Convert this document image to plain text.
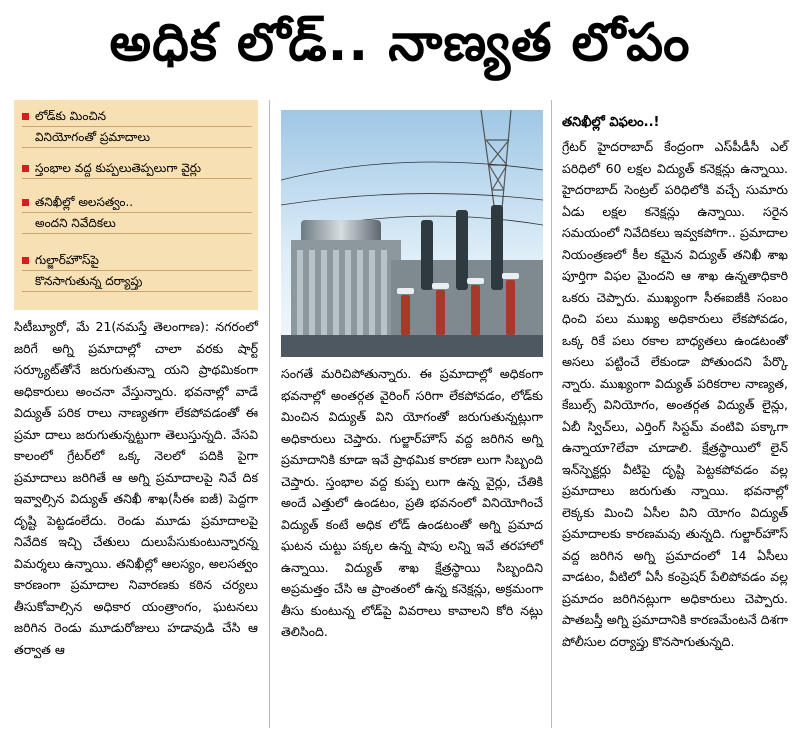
అధిక లోడ్.. నాణ్యత లోపం
లోడ్‌కు మించిన
వినియోగంతో ప్రమాదాలు
స్తంభాల వద్ద కుప్పలుతెప్పలుగా వైర్లు
తనిఖీల్లో అలసత్వం..
అందని నివేదికలు
గుల్జార్‌హౌస్‌పై
కొనసాగుతున్న దర్యాప్తు

సిటీబ్యూరో, మే 21(నమస్తే తెలంగాణ): నగరంలో జరిగే అగ్ని ప్రమాదాల్లో చాలా వరకు షార్ట్ సర్క్యూట్‌తోనే జరుగుతున్నా యని ప్రాథమికంగా అధికారులు అంచనా వేస్తున్నారు. భవనాల్లో వాడే విద్యుత్ పరిక రాలు నాణ్యతగా లేకపోవడంతో ఈ ప్రమా దాలు జరుగుతున్నట్టుగా తెలుస్తున్నది. వేసవి కాలంలో గ్రేటర్‌లో ఒక్క నెలలో పదికి పైగా ప్రమాదాలు జరిగితే ఆ అగ్ని ప్రమాదాలపై నివే దిక ఇవ్వాల్సిన విద్యుత్ తనిఖీ శాఖ(సీఈ ఐజీ) పెద్దగా దృష్టి పెట్టడంలేదు. రెండు మూడు ప్రమాదాలపై నివేదిక ఇచ్చి చేతులు దులుపేసుకుంటున్నారన్న విమర్శలు ఉన్నాయి. తనిఖీల్లో ఆలస్యం, అలసత్వం కారణంగా ప్రమాదాల నివారణకు కఠిన చర్యలు తీసుకోవాల్సిన అధికార యంత్రాంగం, ఘటనలు జరిగిన రెండు మూడురోజులు హడావుడి చేసి ఆ తర్వాత ఆ

సంగతే మరిచిపోతున్నారు. ఈ ప్రమాదాల్లో అధికంగా భవనాల్లో అంతర్గత వైరింగ్ సరిగా లేకపోవడం, లోడ్‌కు మించిన విద్యుత్ విని యోగంతో జరుగుతున్నట్లుగా అధికారులు చెప్తారు. గుల్జార్‌హౌస్ వద్ద జరిగిన అగ్ని ప్రమాదానికి కూడా ఇవే ప్రాథమిక కారణా లుగా సిబ్బంది చెప్తారు. స్తంభాల వద్ద కుప్ప లుగా ఉన్న వైర్లు, చేతికి అందే ఎత్తులో ఉండటం, ప్రతి భవనంలో వినియోగించే విద్యుత్ కంటే అధిక లోడ్ ఉండటంతో అగ్ని ప్రమాద ఘటన చుట్టు పక్కల ఉన్న షాపు లన్ని ఇవే తరహాలో ఉన్నాయి. విద్యుత్ శాఖ క్షేత్రస్థాయి సిబ్బందిని అప్రమత్తం చేసి ఆ ప్రాంతంలో ఉన్న కనెక్షన్లు, అక్రమంగా తీసు కుంటున్న లోడ్‌పై వివరాలు కావాలని కోరి నట్లు తెలిసింది.

తనిఖీల్లో విఫలం..!

గ్రేటర్ హైదరాబాద్ కేంద్రంగా ఎస్‌పీడీసీ ఎల్ పరిధిలో 60 లక్షల విద్యుత్ కనెక్షన్లు ఉన్నాయి. హైదరాబాద్ సెంట్రల్ పరిధిలోకి వచ్చే సుమారు ఏడు లక్షల కనెక్షన్లు ఉన్నాయి. సరైన సమయంలో నివేదికలు ఇవ్వకపోగా.. ప్రమాదాల నియంత్రణలో కీల కమైన విద్యుత్ తనిఖీ శాఖ పూర్తిగా విఫల మైందని ఆ శాఖ ఉన్నతాధికారి ఒకరు చెప్పారు. ముఖ్యంగా సీఈఐజీకి సంబం ధించి పలు ముఖ్య అధికారులు లేకపోవడం, ఒక్క రికే పలు రకాల బాధ్యతలు ఉండటంతో అసలు పట్టించే లేకుండా పోతుందని పేర్కొ న్నారు. ముఖ్యంగా విద్యుత్ పరికరాల నాణ్యత, కేబుల్స్ వినియోగం, అంతర్గత విద్యుత్ లైన్లు, ఏబీ స్విచ్‌లు, ఎర్తింగ్ సిస్టమ్ వంటివి పక్కాగా ఉన్నాయా?లేవా చూడాలి. క్షేత్రస్థాయిలో లైన్ ఇన్‌స్పెక్టర్లు వీటిపై దృష్టి పెట్టకపోవడం వల్ల ప్రమాదాలు జరుగుతు న్నాయి. భవనాల్లో లెక్కకు మించి ఏసీల విని యోగం విద్యుత్ ప్రమాదాలకు కారణమవు తున్నది. గుల్జార్‌హౌస్ వద్ద జరిగిన అగ్ని ప్రమాదంలో 14 ఏసీలు వాడటం, వీటిలో ఏసీ కంప్రెషర్ పేలిపోవడం వల్ల ప్రమాదం జరిగినట్లుగా అధికారులు చెప్పారు. పాతబస్తీ అగ్ని ప్రమాదానికి కారణమేంటనే దిశగా పోలీసుల దర్యాప్తు కొనసాగుతున్నది.
